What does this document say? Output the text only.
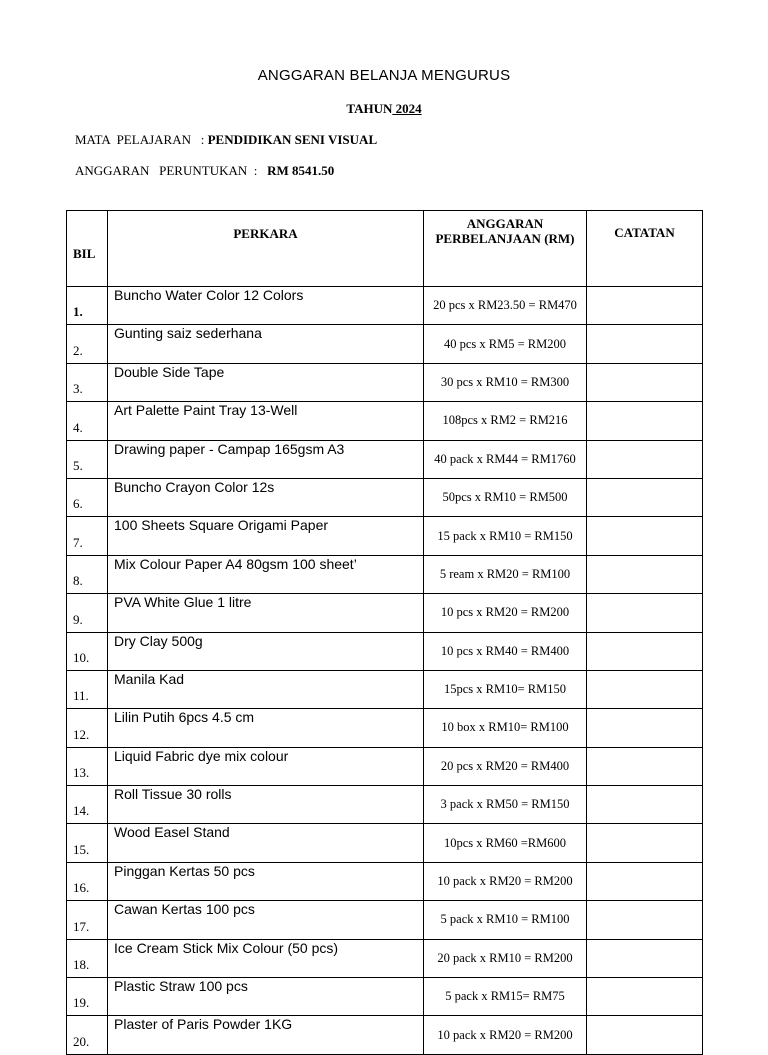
ANGGARAN BELANJA MENGURUS
TAHUN 2024
MATA  PELAJARAN   : PENDIDIKAN SENI VISUAL
ANGGARAN   PERUNTUKAN  :   RM 8541.50
BIL	PERKARA	ANGGARAN PERBELANJAAN (RM)	CATATAN
1.	Buncho Water Color 12 Colors	20 pcs x RM23.50 = RM470	
2.	Gunting saiz sederhana	40 pcs x RM5 = RM200	
3.	Double Side Tape	30 pcs x RM10 = RM300	
4.	Art Palette Paint Tray 13-Well	108pcs x RM2 = RM216	
5.	Drawing paper - Campap 165gsm A3	40 pack x RM44 = RM1760	
6.	Buncho Crayon Color 12s	50pcs x RM10 = RM500	
7.	100 Sheets Square Origami Paper	15 pack x RM10 = RM150	
8.	Mix Colour Paper A4 80gsm 100 sheet’	5 ream x RM20 = RM100	
9.	PVA White Glue 1 litre	10 pcs x RM20 = RM200	
10.	Dry Clay 500g	10 pcs x RM40 = RM400	
11.	Manila Kad	15pcs x RM10= RM150	
12.	Lilin Putih 6pcs 4.5 cm	10 box x RM10= RM100	
13.	Liquid Fabric dye mix colour	20 pcs x RM20 = RM400	
14.	Roll Tissue 30 rolls	3 pack x RM50 = RM150	
15.	Wood Easel Stand	10pcs x RM60 =RM600	
16.	Pinggan Kertas 50 pcs	10 pack x RM20 = RM200	
17.	Cawan Kertas 100 pcs	5 pack x RM10 = RM100	
18.	Ice Cream Stick Mix Colour (50 pcs)	20 pack x RM10 = RM200	
19.	Plastic Straw 100 pcs	5 pack x RM15= RM75	
20.	Plaster of Paris Powder 1KG	10 pack x RM20 = RM200	
